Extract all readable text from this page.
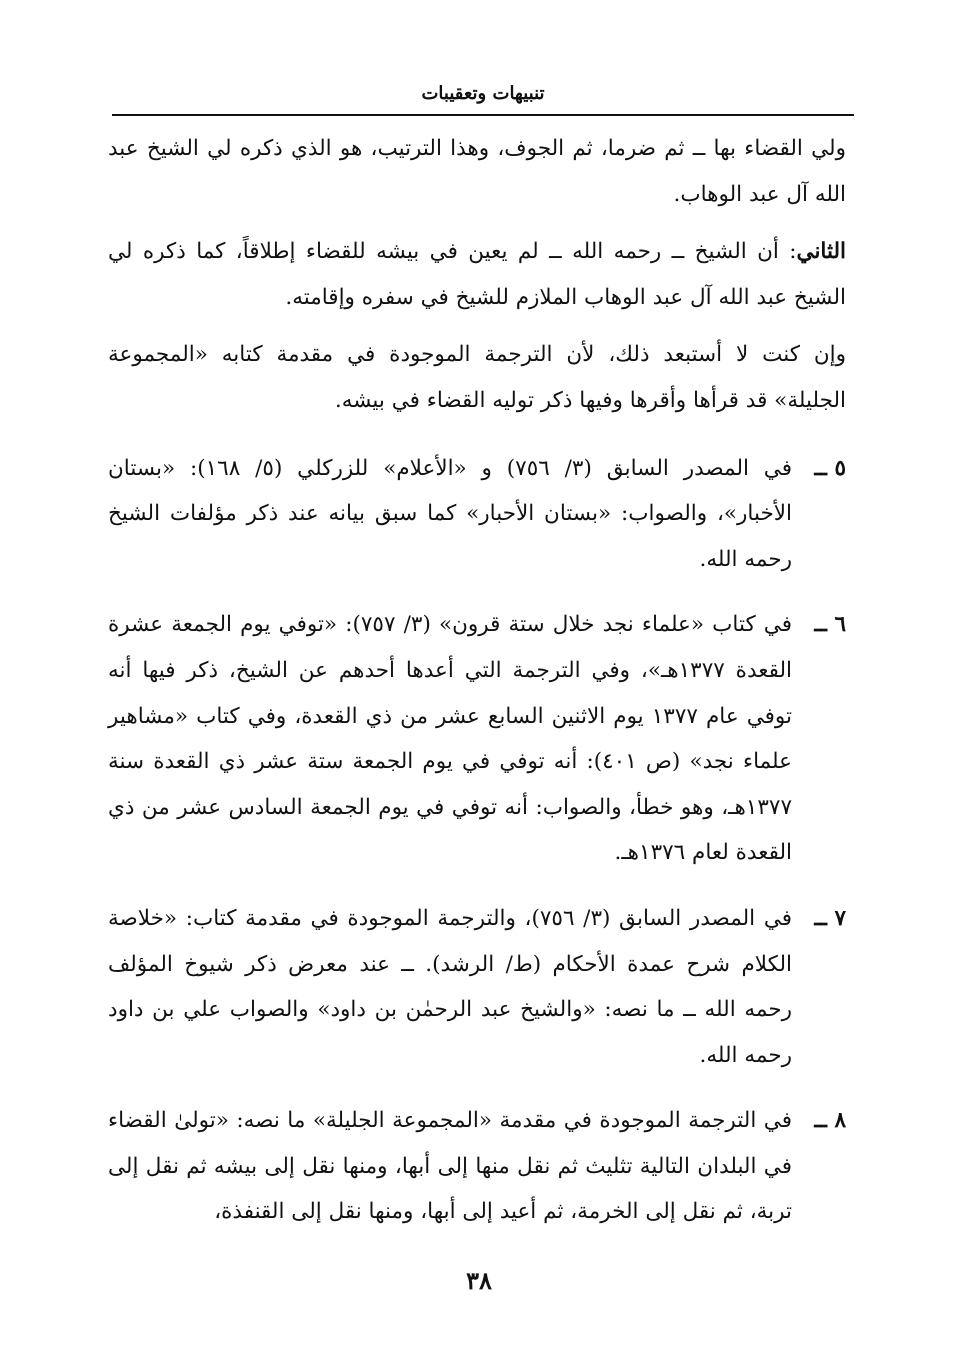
تنبيهات وتعقيبات

ولي القضاء بها ــ ثم ضرما، ثم الجوف، وهذا الترتيب، هو الذي ذكره لي الشيخ عبد الله آل عبد الوهاب.

الثاني: أن الشيخ ــ رحمه الله ــ لم يعين في بيشه للقضاء إطلاقاً، كما ذكره لي الشيخ عبد الله آل عبد الوهاب الملازم للشيخ في سفره وإقامته.

وإن كنت لا أستبعد ذلك، لأن الترجمة الموجودة في مقدمة كتابه «المجموعة الجليلة» قد قرأها وأقرها وفيها ذكر توليه القضاء في بيشه.

٥ ــ
في المصدر السابق (٣/ ٧٥٦) و «الأعلام» للزركلي (٥/ ١٦٨): «بستان الأخبار»، والصواب: «بستان الأحبار» كما سبق بيانه عند ذكر مؤلفات الشيخ رحمه الله.
٦ ــ
في كتاب «علماء نجد خلال ستة قرون» (٣/ ٧٥٧): «توفي يوم الجمعة عشرة القعدة ١٣٧٧هـ»، وفي الترجمة التي أعدها أحدهم عن الشيخ، ذكر فيها أنه توفي عام ١٣٧٧ يوم الاثنين السابع عشر من ذي القعدة، وفي كتاب «مشاهير علماء نجد» (ص ٤٠١): أنه توفي في يوم الجمعة ستة عشر ذي القعدة سنة ١٣٧٧هـ، وهو خطأ، والصواب: أنه توفي في يوم الجمعة السادس عشر من ذي القعدة لعام ١٣٧٦هـ.
٧ ــ
في المصدر السابق (٣/ ٧٥٦)، والترجمة الموجودة في مقدمة كتاب: «خلاصة الكلام شرح عمدة الأحكام (ط/ الرشد). ــ عند معرض ذكر شيوخ المؤلف رحمه الله ــ ما نصه: «والشيخ عبد الرحمٰن بن داود» والصواب علي بن داود رحمه الله.
٨ ــ
في الترجمة الموجودة في مقدمة «المجموعة الجليلة» ما نصه: «تولىٰ القضاء في البلدان التالية تثليث ثم نقل منها إلى أبها، ومنها نقل إلى بيشه ثم نقل إلى تربة، ثم نقل إلى الخرمة، ثم أعيد إلى أبها، ومنها نقل إلى القنفذة،
٣٨
